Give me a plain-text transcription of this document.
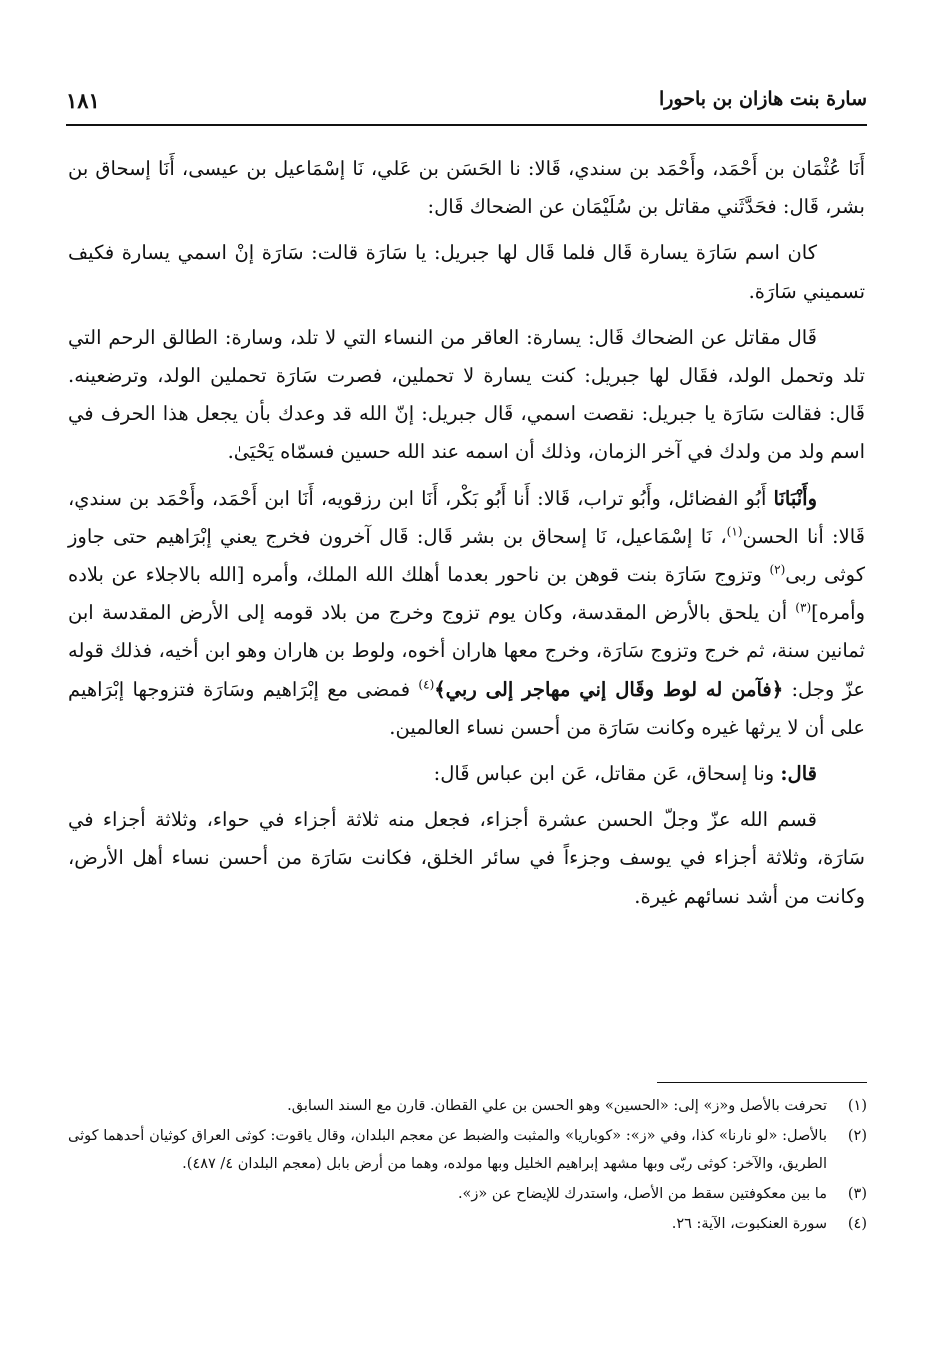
سارة بنت هازان بن باحورا
١٨١

أَنَا عُثْمَان بن أَحْمَد، وأَحْمَد بن سندي، قَالا: نا الحَسَن بن عَلي، نَا إسْمَاعيل بن عيسى، أَنَا إسحاق بن بشر، قَال: فحَدَّثَني مقاتل بن سُلَيْمَان عن الضحاك قَال:

كان اسم سَارَة يسارة قَال فلما قَال لها جبريل: يا سَارَة قالت: سَارَة إنْ اسمي يسارة فكيف تسميني سَارَة.

قَال مقاتل عن الضحاك قَال: يسارة: العاقر من النساء التي لا تلد، وسارة: الطالق الرحم التي تلد وتحمل الولد، فقَال لها جبريل: كنت يسارة لا تحملين، فصرت سَارَة تحملين الولد، وترضعينه. قَال: فقالت سَارَة يا جبريل: نقصت اسمي، قَال جبريل: إنّ الله قد وعدك بأن يجعل هذا الحرف في اسم ولد من ولدك في آخر الزمان، وذلك أن اسمه عند الله حسين فسمّاه يَحْيَىٰ.

وأَنْبَانَا أَبُو الفضائل، وأَبُو تراب، قَالا: أَنا أَبُو بَكْر، أَنَا ابن رزقويه، أَنَا ابن أَحْمَد، وأَحْمَد بن سندي، قَالا: أنا الحسن$^{(١)}$، نَا إسْمَاعيل، نَا إسحاق بن بشر قَال: قَال آخرون فخرج يعني إبْرَاهيم حتى جاوز كوثى ربى$^{(٢)}$ وتزوج سَارَة بنت قوهن بن ناحور بعدما أهلك الله الملك، وأمره [الله بالاجلاء عن بلاده وأمره]$^{(٣)}$ أن يلحق بالأرض المقدسة، وكان يوم تزوج وخرج من بلاد قومه إلى الأرض المقدسة ابن ثمانين سنة، ثم خرج وتزوج سَارَة، وخرج معها هاران أخوه، ولوط بن هاران وهو ابن أخيه، فذلك قوله عزّ وجل: ﴿فآمن له لوط وقَال إني مهاجر إلى ربي﴾$^{(٤)}$ فمضى مع إبْرَاهيم وسَارَة فتزوجها إبْرَاهيم على أن لا يرثها غيره وكانت سَارَة من أحسن نساء العالمين.

قال: ونا إسحاق، عَن مقاتل، عَن ابن عباس قَال:

قسم الله عزّ وجلّ الحسن عشرة أجزاء، فجعل منه ثلاثة أجزاء في حواء، وثلاثة أجزاء في سَارَة، وثلاثة أجزاء في يوسف وجزءاً في سائر الخلق، فكانت سَارَة من أحسن نساء أهل الأرض، وكانت من أشد نسائهم غيرة.

(١)
تحرفت بالأصل و«ز» إلى: «الحسين» وهو الحسن بن علي القطان. قارن مع السند السابق.
(٢)
بالأصل: «لو نارنا» كذا، وفي «ز»: «كوباريا» والمثبت والضبط عن معجم البلدان، وقال ياقوت: كوثى العراق كوثيان أحدهما كوثى الطريق، والآخر: كوثى ربّى وبها مشهد إبراهيم الخليل وبها مولده، وهما من أرض بابل (معجم البلدان ٤/ ٤٨٧).
(٣)
ما بين معكوفتين سقط من الأصل، واستدرك للإيضاح عن «ز».
(٤)
سورة العنكبوت، الآية: ٢٦.
